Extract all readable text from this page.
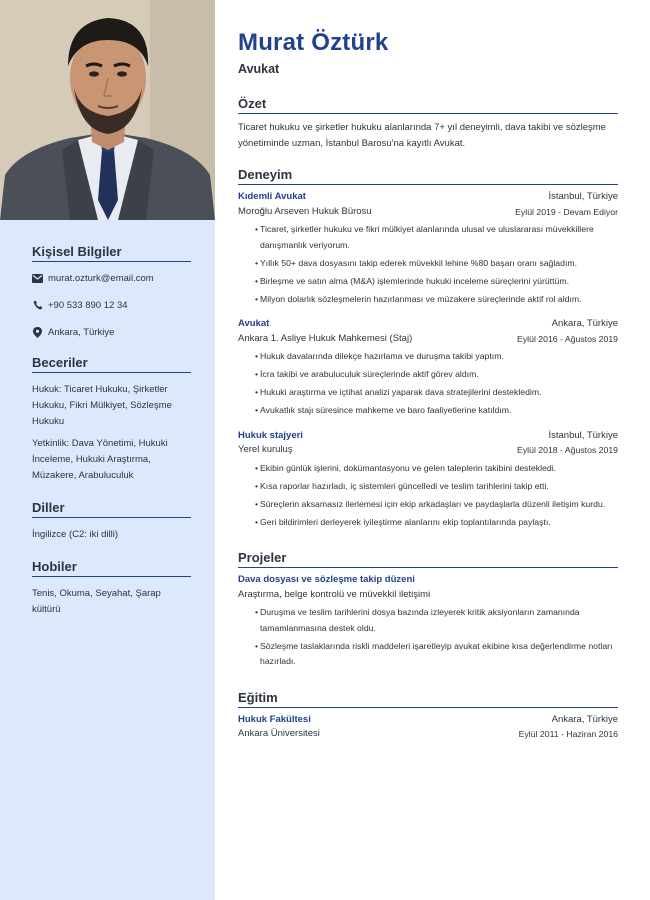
Kişisel Bilgiler
murat.ozturk@email.com
+90 533 890 12 34
Ankara, Türkiye
Beceriler

Hukuk: Ticaret Hukuku, Şirketler Hukuku, Fikri Mülkiyet, Sözleşme Hukuku

Yetkinlik: Dava Yönetimi, Hukuki İnceleme, Hukuki Araştırma, Müzakere, Arabuluculuk

Diller

İngilizce (C2: iki dilli)

Hobiler

Tenis, Okuma, Seyahat, Şarap kültürü

Murat Öztürk
Avukat
Özet
Ticaret hukuku ve şirketler hukuku alanlarında 7+ yıl deneyimli, dava takibi ve sözleşme yönetiminde uzman, İstanbul Barosu'na kayıtlı Avukat.
Deneyim
Kıdemli Avukat	İstanbul, Türkiye
Moroğlu Arseven Hukuk Bürosu	Eylül 2019 - Devam Ediyor
• Ticaret, şirketler hukuku ve fikri mülkiyet alanlarında ulusal ve uluslararası müvekkillere danışmanlık veriyorum.
• Yıllık 50+ dava dosyasını takip ederek müvekkil lehine %80 başarı oranı sağladım.
• Birleşme ve satın alma (M&A) işlemlerinde hukuki inceleme süreçlerini yürüttüm.
• Milyon dolarlık sözleşmelerin hazırlanması ve müzakere süreçlerinde aktif rol aldım.
Avukat	Ankara, Türkiye
Ankara 1. Asliye Hukuk Mahkemesi (Staj)	Eylül 2016 - Ağustos 2019
• Hukuk davalarında dilekçe hazırlama ve duruşma takibi yaptım.
• İcra takibi ve arabuluculuk süreçlerinde aktif görev aldım.
• Hukuki araştırma ve içtihat analizi yaparak dava stratejilerini destekledim.
• Avukatlık stajı süresince mahkeme ve baro faaliyetlerine katıldım.
Hukuk stajyeri	İstanbul, Türkiye
Yerel kuruluş	Eylül 2018 - Ağustos 2019
• Ekibin günlük işlerini, dokümantasyonu ve gelen taleplerin takibini destekledi.
• Kısa raporlar hazırladı, iç sistemleri güncelledi ve teslim tarihlerini takip etti.
• Süreçlerin aksamasız ilerlemesi için ekip arkadaşları ve paydaşlarla düzenli iletişim kurdu.
• Geri bildirimleri derleyerek iyileştirme alanlarını ekip toplantılarında paylaştı.
Projeler
Dava dosyası ve sözleşme takip düzeni
Araştırma, belge kontrolü ve müvekkil iletişimi
• Duruşma ve teslim tarihlerini dosya bazında izleyerek kritik aksiyonların zamanında tamamlanmasına destek oldu.
• Sözleşme taslaklarında riskli maddeleri işaretleyip avukat ekibine kısa değerlendirme notları hazırladı.
Eğitim
Hukuk Fakültesi	Ankara, Türkiye
Ankara Üniversitesi	Eylül 2011 - Haziran 2016
